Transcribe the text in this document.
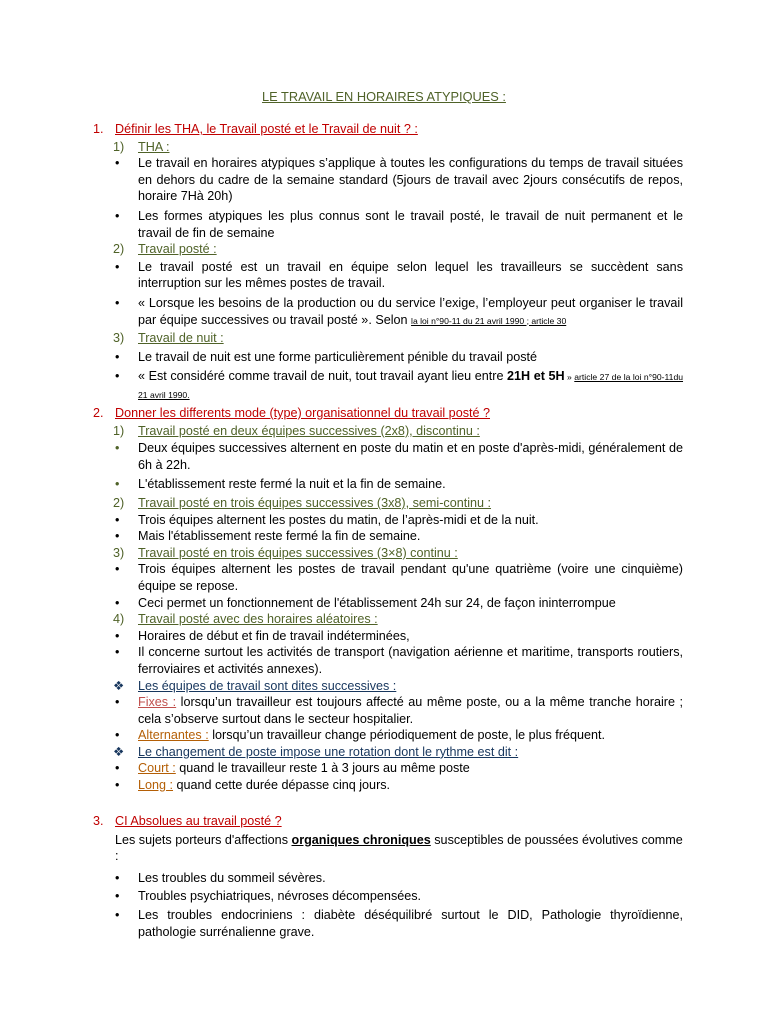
LE TRAVAIL EN HORAIRES ATYPIQUES :
1. Définir les THA, le Travail posté et le Travail de nuit ? :
1) THA :
• Le travail en horaires atypiques s’applique à toutes les configurations du temps de travail situées en dehors du cadre de la semaine standard (5jours de travail avec 2jours consécutifs de repos, horaire 7Hà 20h)
• Les formes atypiques les plus connus sont le travail posté, le travail de nuit permanent et le travail de fin de semaine
2) Travail posté :
• Le travail posté est un travail en équipe selon lequel les travailleurs se succèdent sans interruption sur les mêmes postes de travail.
• « Lorsque les besoins de la production ou du service l’exige, l’employeur peut organiser le travail par équipe successives ou travail posté ». Selon la loi n°90-11 du 21 avril 1990 ; article 30
3) Travail de nuit :
• Le travail de nuit est une forme particulièrement pénible du travail posté
• « Est considéré comme travail de nuit, tout travail ayant lieu entre 21H et 5H » article 27 de la loi n°90-11du 21 avril 1990.
2. Donner les differents mode (type) organisationnel du travail posté ?
1) Travail posté en deux équipes successives (2x8), discontinu :
• Deux équipes successives alternent en poste du matin et en poste d'après-midi, généralement de 6h à 22h.
• L'établissement reste fermé la nuit et la fin de semaine.
2) Travail posté en trois équipes successives (3x8), semi-continu :
• Trois équipes alternent les postes du matin, de l’après-midi et de la nuit.
• Mais l'établissement reste fermé la fin de semaine.
3) Travail posté en trois équipes successives (3×8) continu :
• Trois équipes alternent les postes de travail pendant qu'une quatrième (voire une cinquième) équipe se repose.
• Ceci permet un fonctionnement de l'établissement 24h sur 24, de façon ininterrompue
4) Travail posté avec des horaires aléatoires :
• Horaires de début et fin de travail indéterminées,
• Il concerne surtout les activités de transport (navigation aérienne et maritime, transports routiers, ferroviaires et activités annexes).
❖ Les équipes de travail sont dites successives :
• Fixes : lorsqu’un travailleur est toujours affecté au même poste, ou a la même tranche horaire ; cela s’observe surtout dans le secteur hospitalier.
• Alternantes : lorsqu’un travailleur change périodiquement de poste, le plus fréquent.
❖ Le changement de poste impose une rotation dont le rythme est dit :
• Court : quand le travailleur reste 1 à 3 jours au même poste
• Long : quand cette durée dépasse cinq jours.
3. CI Absolues au travail posté ?
Les sujets porteurs d'affections organiques chroniques susceptibles de poussées évolutives comme :
• Les troubles du sommeil sévères.
• Troubles psychiatriques, névroses décompensées.
• Les troubles endocriniens : diabète déséquilibré surtout le DID, Pathologie thyroïdienne, pathologie surrénalienne grave.
